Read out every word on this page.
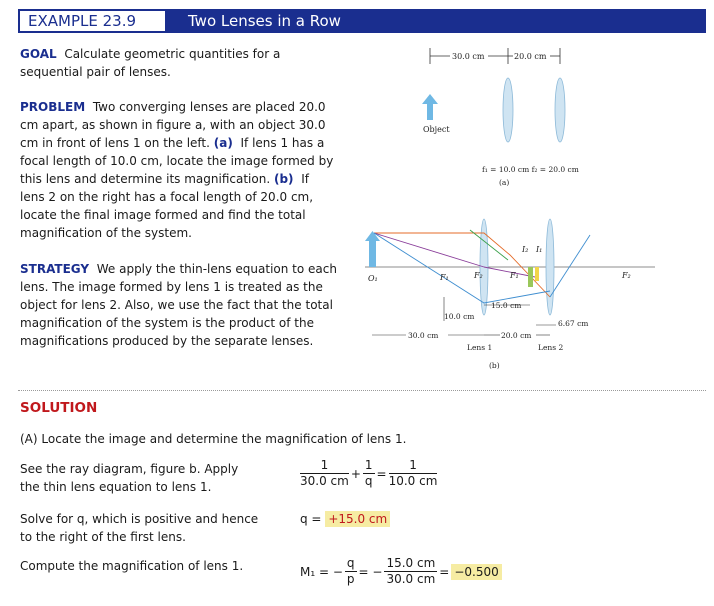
EXAMPLE 23.9	Two Lenses in a Row
GOAL Calculate geometric quantities for a
sequential pair of lenses.
PROBLEM Two converging lenses are placed 20.0
cm apart, as shown in figure a, with an object 30.0
cm in front of lens 1 on the left. (a) If lens 1 has a
focal length of 10.0 cm, locate the image formed by
this lens and determine its magnification. (b) If
lens 2 on the right has a focal length of 20.0 cm,
locate the final image formed and find the total
magnification of the system.
STRATEGY We apply the thin-lens equation to each
lens. The image formed by lens 1 is treated as the
object for lens 2. Also, we use the fact that the total
magnification of the system is the product of the
magnifications produced by the separate lenses.
30.0 cm	20.0 cm
Object
f₁ = 10.0 cm f₂ = 20.0 cm
(a)
O₁	F₁	F₂	F₁	F₂
I₂ I₁
10.0 cm
15.0 cm
6.67 cm
30.0 cm	20.0 cm
Lens 1	Lens 2
(b)
SOLUTION
(A) Locate the image and determine the magnification of lens 1.
See the ray diagram, figure b. Apply
the thin lens equation to lens 1.	$\frac{1}{30.0 cm} + \frac{1}{q} = \frac{1}{10.0 cm}$
Solve for q, which is positive and hence
to the right of the first lens.
q = +15.0 cm
Compute the magnification of lens 1.	M₁ = − $\frac{q}{p}$ = − $\frac{15.0 cm}{30.0 cm} = -0.500$
